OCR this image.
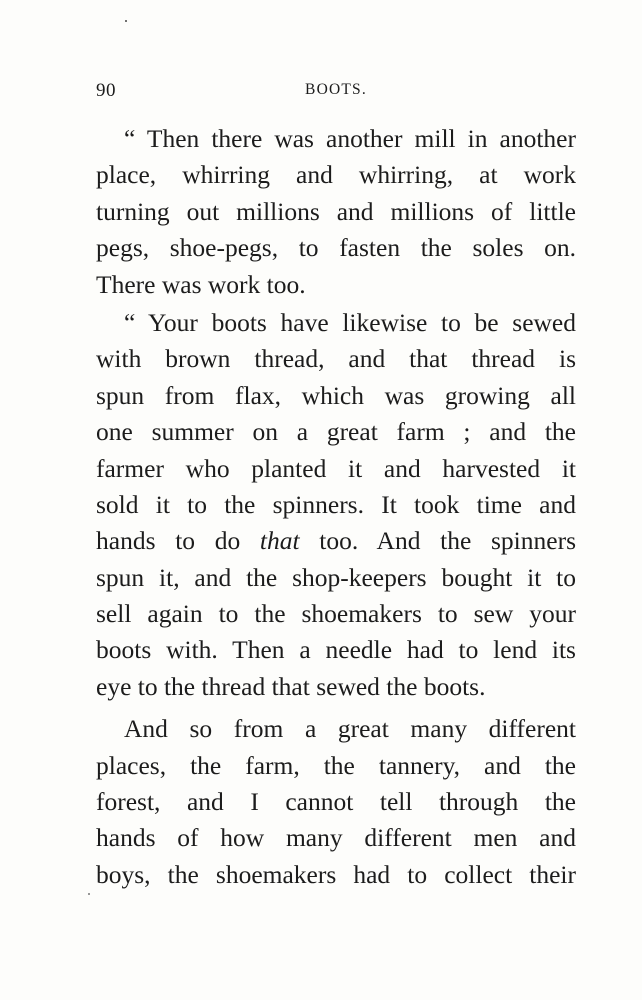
90	BOOTS.
“ Then there was another mill in another
place, whirring and whirring, at work
turning out millions and millions of little
pegs, shoe-pegs, to fasten the soles on.
There was work too.
“ Your boots have likewise to be sewed
with brown thread, and that thread is
spun from flax, which was growing all
one summer on a great farm ; and the
farmer who planted it and harvested it
sold it to the spinners. It took time and
hands to do that too. And the spinners
spun it, and the shop-keepers bought it to
sell again to the shoemakers to sew your
boots with. Then a needle had to lend its
eye to the thread that sewed the boots.
And so from a great many different
places, the farm, the tannery, and the
forest, and I cannot tell through the
hands of how many different men and
boys, the shoemakers had to collect their
